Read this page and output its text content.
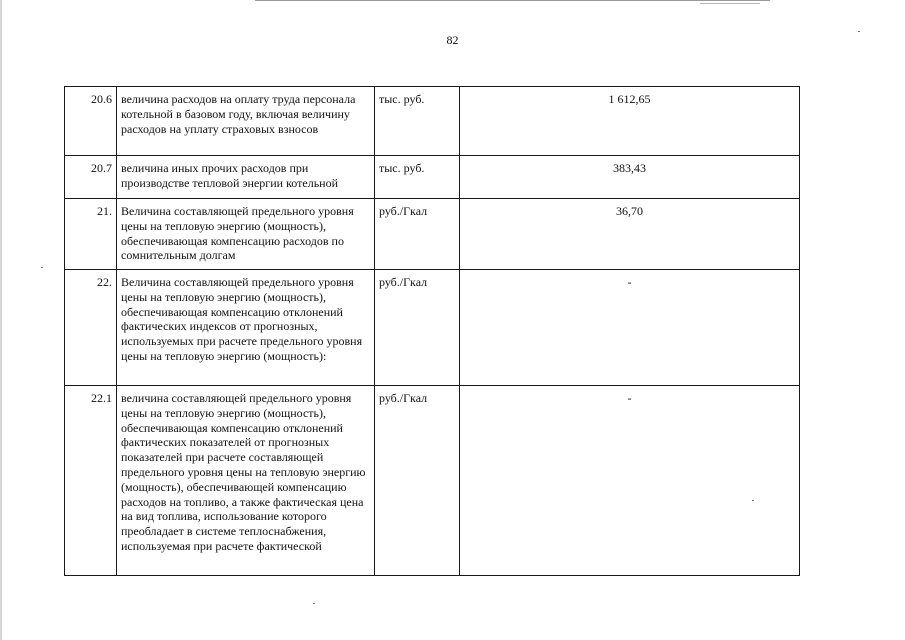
82
20.6	величина расходов на оплату труда персонала котельной в базовом году, включая величину расходов на уплату страховых взносов	тыс. руб.	1 612,65
20.7	величина иных прочих расходов при производстве тепловой энергии котельной	тыс. руб.	383,43
21.	Величина составляющей предельного уровня цены на тепловую энергию (мощность), обеспечивающая компенсацию расходов по сомнительным долгам	руб./Гкал	36,70
22.	Величина составляющей предельного уровня цены на тепловую энергию (мощность), обеспечивающая компенсацию отклонений фактических индексов от прогнозных, используемых при расчете предельного уровня цены на тепловую энергию (мощность):	руб./Гкал	-
22.1	величина составляющей предельного уровня цены на тепловую энергию (мощность), обеспечивающая компенсацию отклонений фактических показателей от прогнозных показателей при расчете составляющей предельного уровня цены на тепловую энергию (мощность), обеспечивающей компенсацию расходов на топливо, а также фактическая цена на вид топлива, использование которого преобладает в системе теплоснабжения, используемая при расчете фактической	руб./Гкал	-
